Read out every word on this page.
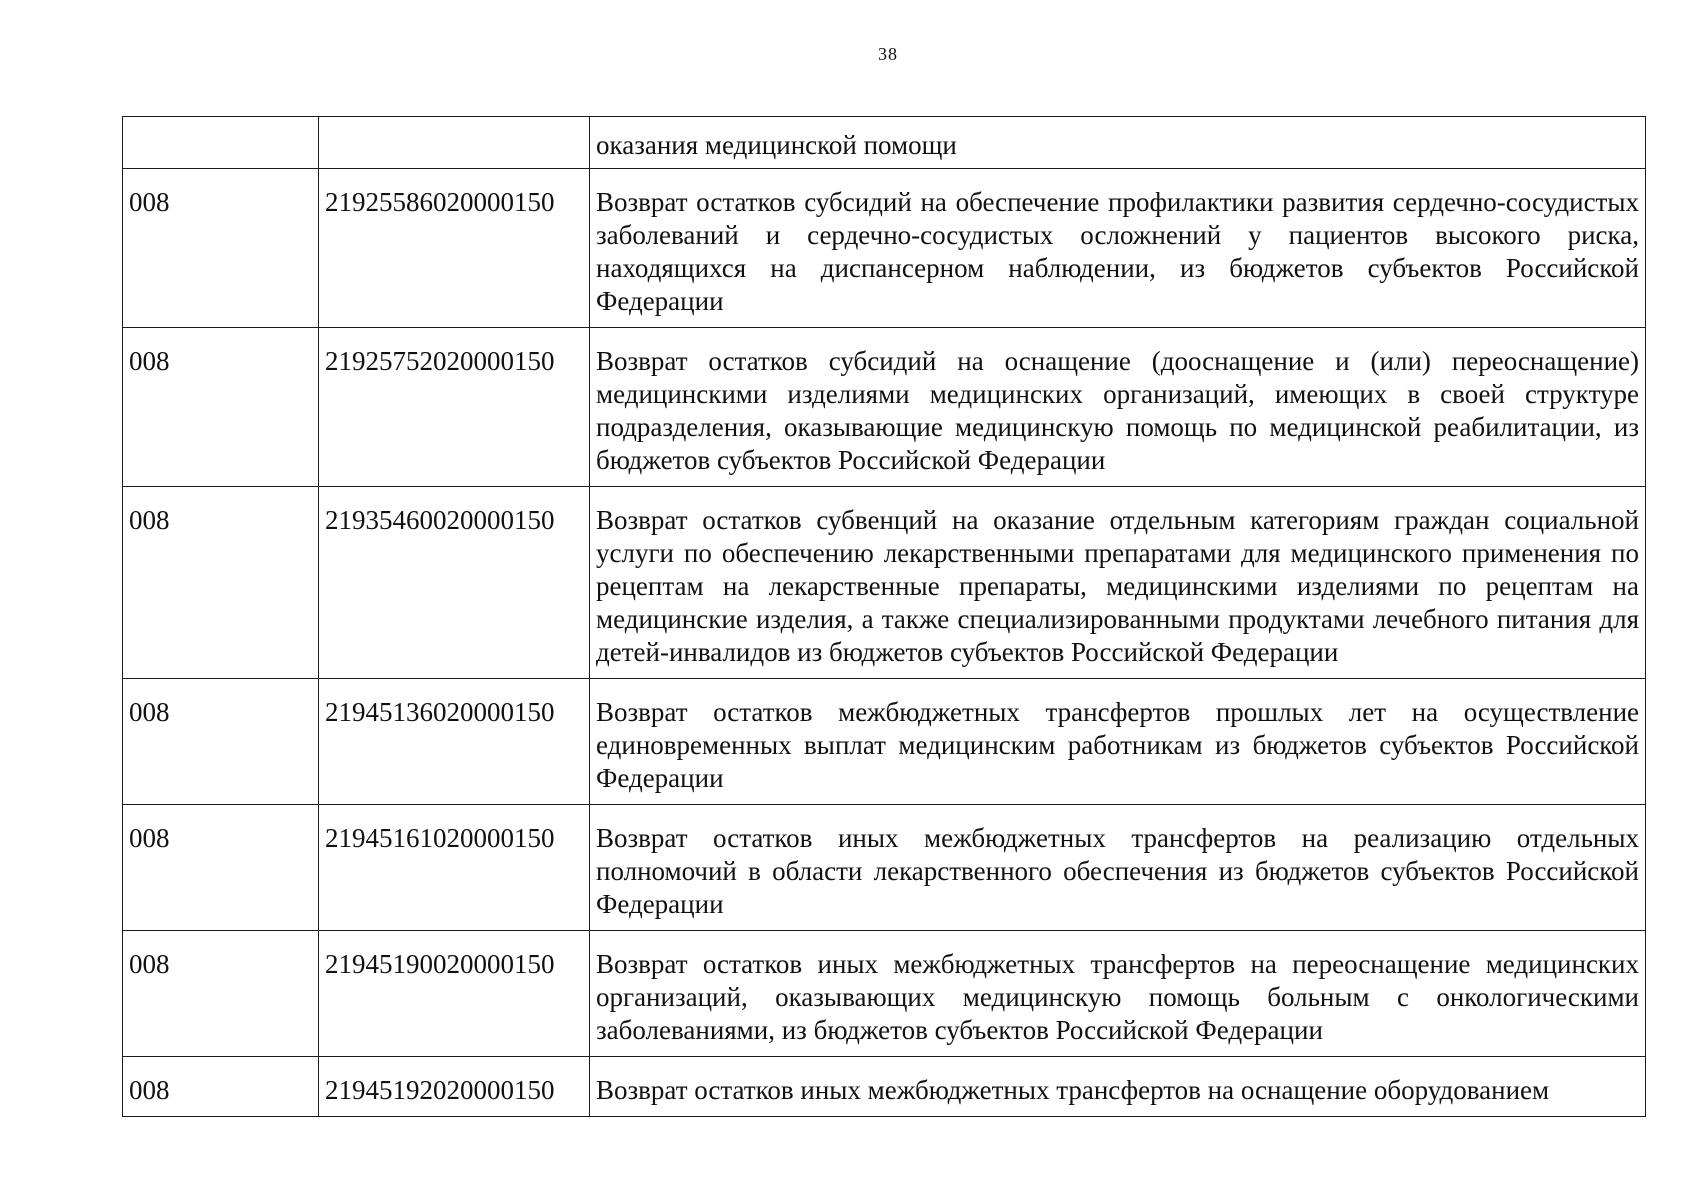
38
		оказания медицинской помощи
008	21925586020000150	Возврат остатков субсидий на обеспечение профилактики развития сердечно-сосудистых заболеваний и сердечно-сосудистых осложнений у пациентов высокого риска, находящихся на диспансерном наблюдении, из бюджетов субъектов Российской Федерации
008	21925752020000150	Возврат остатков субсидий на оснащение (дооснащение и (или) переоснащение) медицинскими изделиями медицинских организаций, имеющих в своей структуре подразделения, оказывающие медицинскую помощь по медицинской реабилитации, из бюджетов субъектов Российской Федерации
008	21935460020000150	Возврат остатков субвенций на оказание отдельным категориям граждан социальной услуги по обеспечению лекарственными препаратами для медицинского применения по рецептам на лекарственные препараты, медицинскими изделиями по рецептам на медицинские изделия, а также специализированными продуктами лечебного питания для детей-инвалидов из бюджетов субъектов Российской Федерации
008	21945136020000150	Возврат остатков межбюджетных трансфертов прошлых лет на осуществление единовременных выплат медицинским работникам из бюджетов субъектов Российской Федерации
008	21945161020000150	Возврат остатков иных межбюджетных трансфертов на реализацию отдельных полномочий в области лекарственного обеспечения из бюджетов субъектов Российской Федерации
008	21945190020000150	Возврат остатков иных межбюджетных трансфертов на переоснащение медицинских организаций, оказывающих медицинскую помощь больным с онкологическими заболеваниями, из бюджетов субъектов Российской Федерации
008	21945192020000150	Возврат остатков иных межбюджетных трансфертов на оснащение оборудованием
